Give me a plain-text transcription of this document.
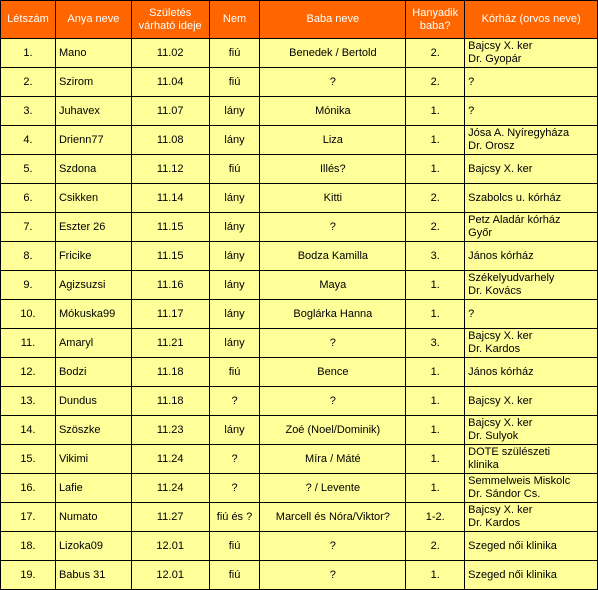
Létszám	Anya neve	Születés várható ideje	Nem	Baba neve	Hanyadik baba?	Kórház (orvos neve)
1.	Mano	11.02	fiú	Benedek / Bertold	2.	Bajcsy X. ker
Dr. Gyopár

2.	Szirom	11.04	fiú	?	2.	?

3.	Juhavex	11.07	lány	Mónika	1.	?

4.	Drienn77	11.08	lány	Liza	1.	Jósa A. Nyíregyháza
Dr. Orosz

5.	Szdona	11.12	fiú	Illés?	1.	Bajcsy X. ker

6.	Csikken	11.14	lány	Kitti	2.	Szabolcs u. kórház

7.	Eszter 26	11.15	lány	?	2.	Petz Aladár kórház
Győr

8.	Fricike	11.15	lány	Bodza Kamilla	3.	János kórház

9.	Agizsuzsi	11.16	lány	Maya	1.	Székelyudvarhely
Dr. Kovács

10.	Mókuska99	11.17	lány	Boglárka Hanna	1.	?

11.	Amaryl	11.21	lány	?	3.	Bajcsy X. ker
Dr. Kardos

12.	Bodzi	11.18	fiú	Bence	1.	János kórház

13.	Dundus	11.18	?	?	1.	Bajcsy X. ker

14.	Szöszke	11.23	lány	Zoé (Noel/Dominik)	1.	Bajcsy X. ker
Dr. Sulyok

15.	Vikimi	11.24	?	Míra / Máté	1.	DOTE szülészeti
klinika

16.	Lafie	11.24	?	? / Levente	1.	Semmelweis Miskolc
Dr. Sándor Cs.

17.	Numato	11.27	fiú és ?	Marcell és Nóra/Viktor?	1-2.	Bajcsy X. ker
Dr. Kardos

18.	Lizoka09	12.01	fiú	?	2.	Szeged női klinika

19.	Babus 31	12.01	fiú	?	1.	Szeged női klinika
